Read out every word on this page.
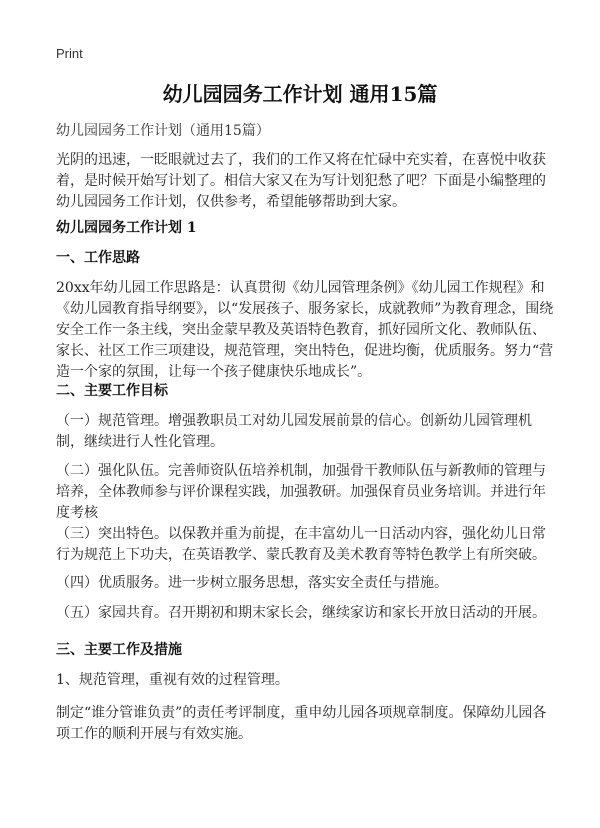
Print
幼儿园园务工作计划 通用15篇

幼儿园园务工作计划（通用15篇）

光阴的迅速，一眨眼就过去了，我们的工作又将在忙碌中充实着，在喜悦中收获着，是时候开始写计划了。相信大家又在为写计划犯愁了吧？下面是小编整理的幼儿园园务工作计划，仅供参考，希望能够帮助到大家。

幼儿园园务工作计划 1

一、工作思路

20xx年幼儿园工作思路是：认真贯彻《幼儿园管理条例》《幼儿园工作规程》和《幼儿园教育指导纲要》，以“发展孩子、服务家长，成就教师”为教育理念，围绕安全工作一条主线，突出金蒙早教及英语特色教育，抓好园所文化、教师队伍、家长、社区工作三项建设，规范管理，突出特色，促进均衡，优质服务。努力“营造一个家的氛围，让每一个孩子健康快乐地成长”。

二、主要工作目标

（一）规范管理。增强教职员工对幼儿园发展前景的信心。创新幼儿园管理机制，继续进行人性化管理。

（二）强化队伍。完善师资队伍培养机制，加强骨干教师队伍与新教师的管理与培养，全体教师参与评价课程实践，加强教研。加强保育员业务培训。并进行年度考核

（三）突出特色。以保教并重为前提，在丰富幼儿一日活动内容，强化幼儿日常行为规范上下功夫，在英语教学、蒙氏教育及美术教育等特色教学上有所突破。

（四）优质服务。进一步树立服务思想，落实安全责任与措施。

（五）家园共育。召开期初和期末家长会，继续家访和家长开放日活动的开展。

三、主要工作及措施

1、规范管理，重视有效的过程管理。

制定“谁分管谁负责”的责任考评制度，重申幼儿园各项规章制度。保障幼儿园各项工作的顺利开展与有效实施。
